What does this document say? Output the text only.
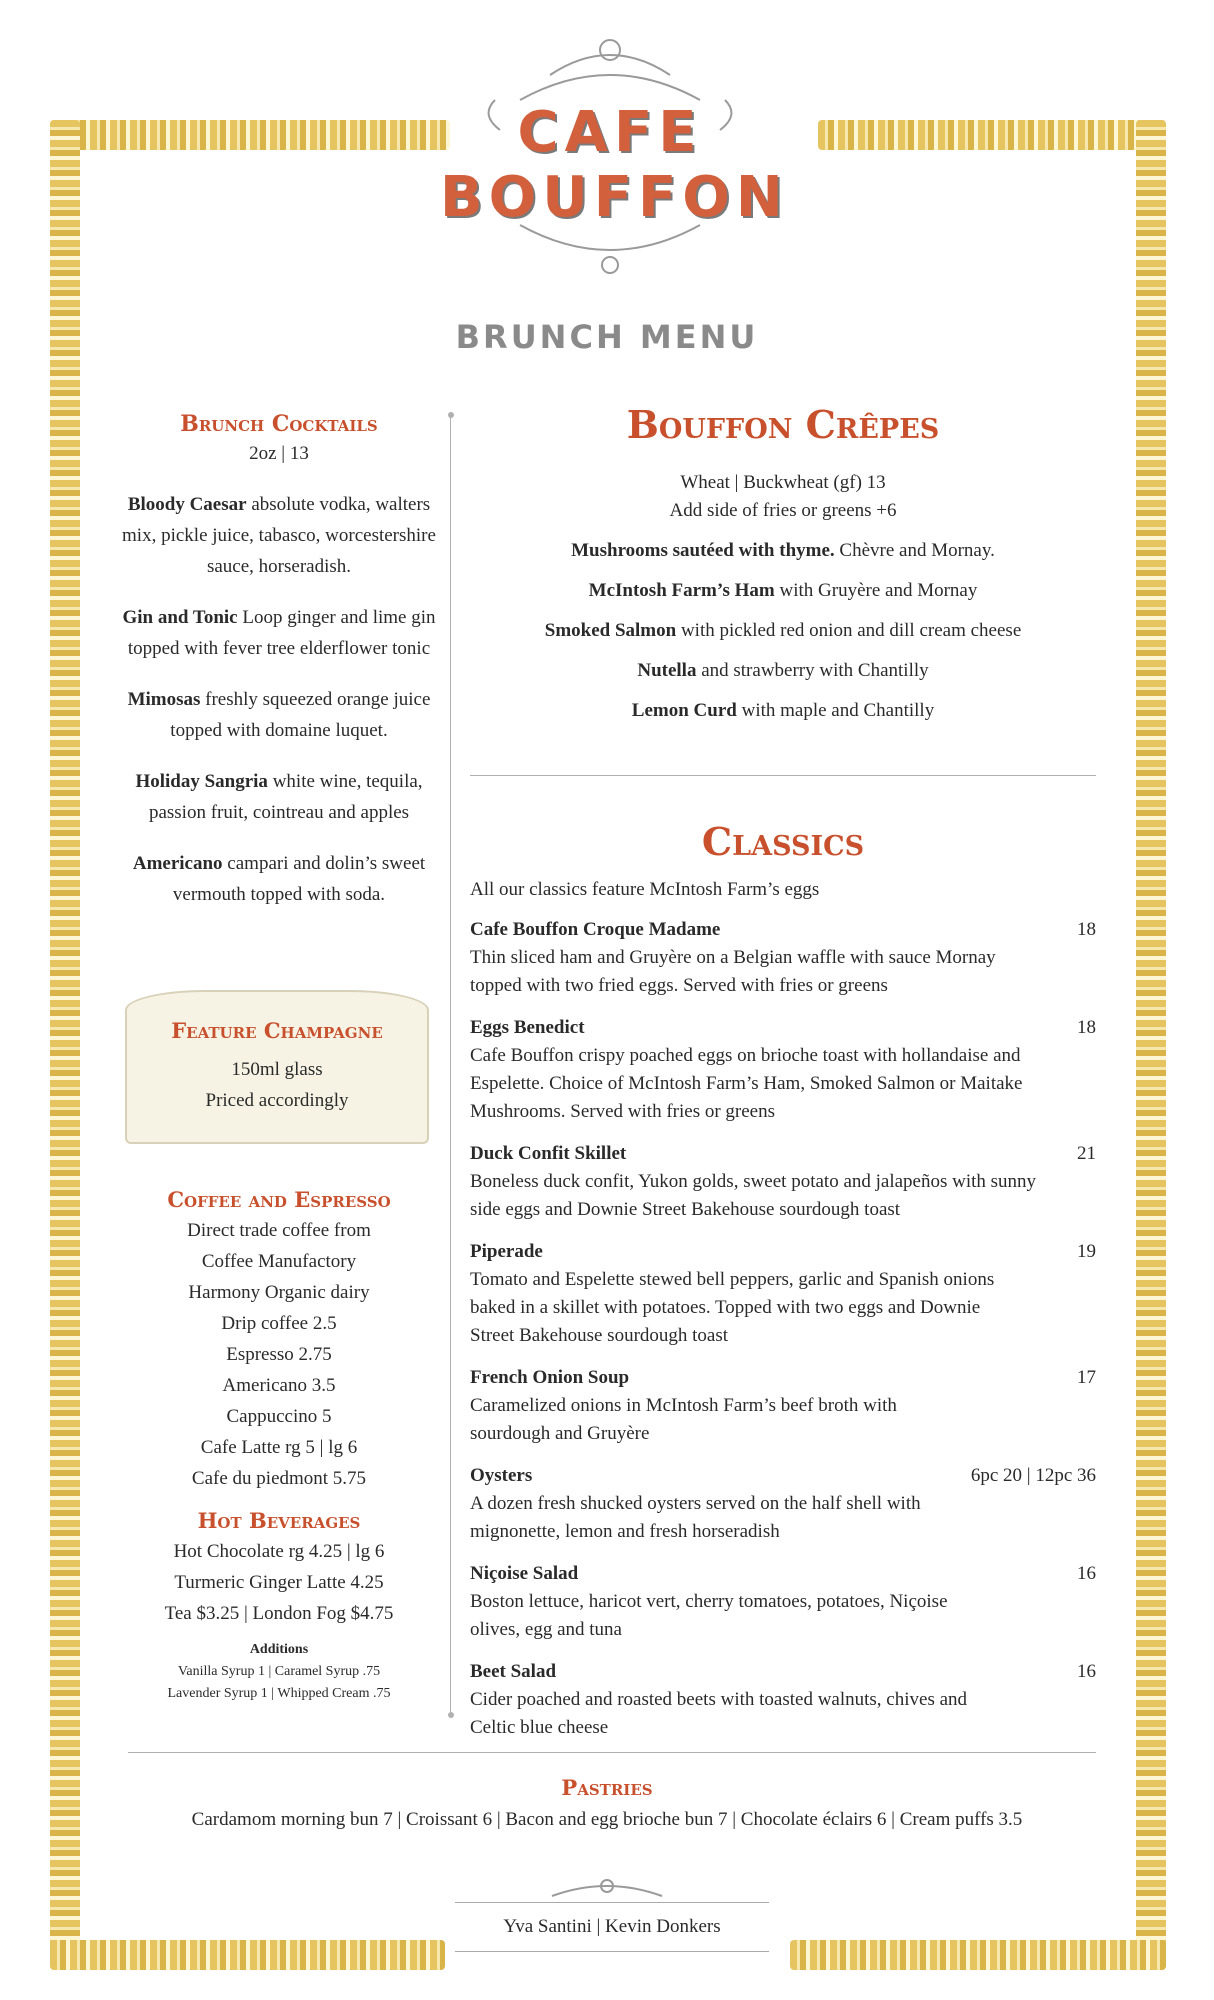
CAFE
BOUFFON
BRUNCH MENU
Brunch Cocktails

2oz | 13

Bloody Caesar absolute vodka, walters mix, pickle juice, tabasco, worcestershire sauce, horseradish.

Gin and Tonic Loop ginger and lime gin topped with fever tree elderflower tonic

Mimosas freshly squeezed orange juice topped with domaine luquet.

Holiday Sangria white wine, tequila, passion fruit, cointreau and apples

Americano campari and dolin’s sweet vermouth topped with soda.

Feature Champagne
150ml glass
Priced accordingly
Coffee and Espresso
Direct trade coffee from
Coffee Manufactory
Harmony Organic dairy
Drip coffee 2.5
Espresso 2.75
Americano 3.5
Cappuccino 5
Cafe Latte rg 5 | lg 6
Cafe du piedmont 5.75
Hot Beverages
Hot Chocolate rg 4.25 | lg 6
Turmeric Ginger Latte 4.25
Tea $3.25 | London Fog $4.75
Additions
Vanilla Syrup 1 | Caramel Syrup .75
Lavender Syrup 1 | Whipped Cream .75
Bouffon Crêpes
Wheat | Buckwheat (gf) 13
Add side of fries or greens +6
Mushrooms sautéed with thyme. Chèvre and Mornay.
McIntosh Farm’s Ham with Gruyère and Mornay
Smoked Salmon with pickled red onion and dill cream cheese
Nutella and strawberry with Chantilly
Lemon Curd with maple and Chantilly
Classics
All our classics feature McIntosh Farm’s eggs
Cafe Bouffon Croque Madame	18
Thin sliced ham and Gruyère on a Belgian waffle with sauce Mornay topped with two fried eggs. Served with fries or greens
Eggs Benedict	18
Cafe Bouffon crispy poached eggs on brioche toast with hollandaise and Espelette. Choice of McIntosh Farm’s Ham, Smoked Salmon or Maitake Mushrooms. Served with fries or greens
Duck Confit Skillet	21
Boneless duck confit, Yukon golds, sweet potato and jalapeños with sunny side eggs and Downie Street Bakehouse sourdough toast
Piperade	19
Tomato and Espelette stewed bell peppers, garlic and Spanish onions baked in a skillet with potatoes. Topped with two eggs and Downie Street Bakehouse sourdough toast
French Onion Soup	17
Caramelized onions in McIntosh Farm’s beef broth with sourdough and Gruyère
Oysters	6pc 20 | 12pc 36
A dozen fresh shucked oysters served on the half shell with mignonette, lemon and fresh horseradish
Niçoise Salad	16
Boston lettuce, haricot vert, cherry tomatoes, potatoes, Niçoise olives, egg and tuna
Beet Salad	16
Cider poached and roasted beets with toasted walnuts, chives and Celtic blue cheese
Pastries
Cardamom morning bun 7 | Croissant 6 | Bacon and egg brioche bun 7 | Chocolate éclairs 6 | Cream puffs 3.5
Yva Santini | Kevin Donkers
